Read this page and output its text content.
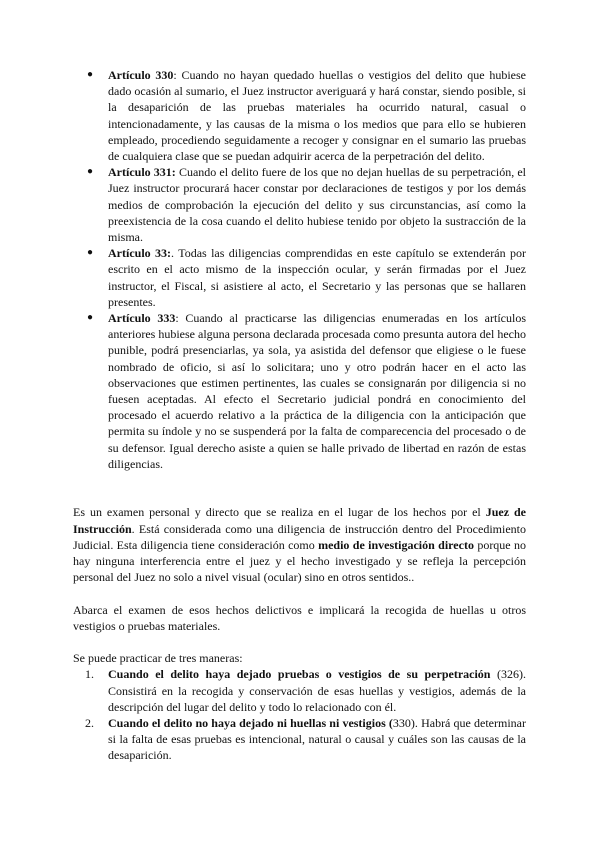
● Artículo 330: Cuando no hayan quedado huellas o vestigios del delito que hubiese dado ocasión al sumario, el Juez instructor averiguará y hará constar, siendo posible, si la desaparición de las pruebas materiales ha ocurrido natural, casual o intencionadamente, y las causas de la misma o los medios que para ello se hubieren empleado, procediendo seguidamente a recoger y consignar en el sumario las pruebas de cualquiera clase que se puedan adquirir acerca de la perpetración del delito.
● Artículo 331: Cuando el delito fuere de los que no dejan huellas de su perpetración, el Juez instructor procurará hacer constar por declaraciones de testigos y por los demás medios de comprobación la ejecución del delito y sus circunstancias, así como la preexistencia de la cosa cuando el delito hubiese tenido por objeto la sustracción de la misma.
● Artículo 33:. Todas las diligencias comprendidas en este capítulo se extenderán por escrito en el acto mismo de la inspección ocular, y serán firmadas por el Juez instructor, el Fiscal, si asistiere al acto, el Secretario y las personas que se hallaren presentes.
● Artículo 333: Cuando al practicarse las diligencias enumeradas en los artículos anteriores hubiese alguna persona declarada procesada como presunta autora del hecho punible, podrá presenciarlas, ya sola, ya asistida del defensor que eligiese o le fuese nombrado de oficio, si así lo solicitara; uno y otro podrán hacer en el acto las observaciones que estimen pertinentes, las cuales se consignarán por diligencia si no fuesen aceptadas. Al efecto el Secretario judicial pondrá en conocimiento del procesado el acuerdo relativo a la práctica de la diligencia con la anticipación que permita su índole y no se suspenderá por la falta de comparecencia del procesado o de su defensor. Igual derecho asiste a quien se halle privado de libertad en razón de estas diligencias.

Es un examen personal y directo que se realiza en el lugar de los hechos por el Juez de Instrucción. Está considerada como una diligencia de instrucción dentro del Procedimiento Judicial. Esta diligencia tiene consideración como medio de investigación directo porque no hay ninguna interferencia entre el juez y el hecho investigado y se refleja la percepción personal del Juez no solo a nivel visual (ocular) sino en otros sentidos..

Abarca el examen de esos hechos delictivos e implicará la recogida de huellas u otros vestigios o pruebas materiales.

Se puede practicar de tres maneras:

1. Cuando el delito haya dejado pruebas o vestigios de su perpetración (326). Consistirá en la recogida y conservación de esas huellas y vestigios, además de la descripción del lugar del delito y todo lo relacionado con él.
2. Cuando el delito no haya dejado ni huellas ni vestigios (330). Habrá que determinar si la falta de esas pruebas es intencional, natural o causal y cuáles son las causas de la desaparición.
